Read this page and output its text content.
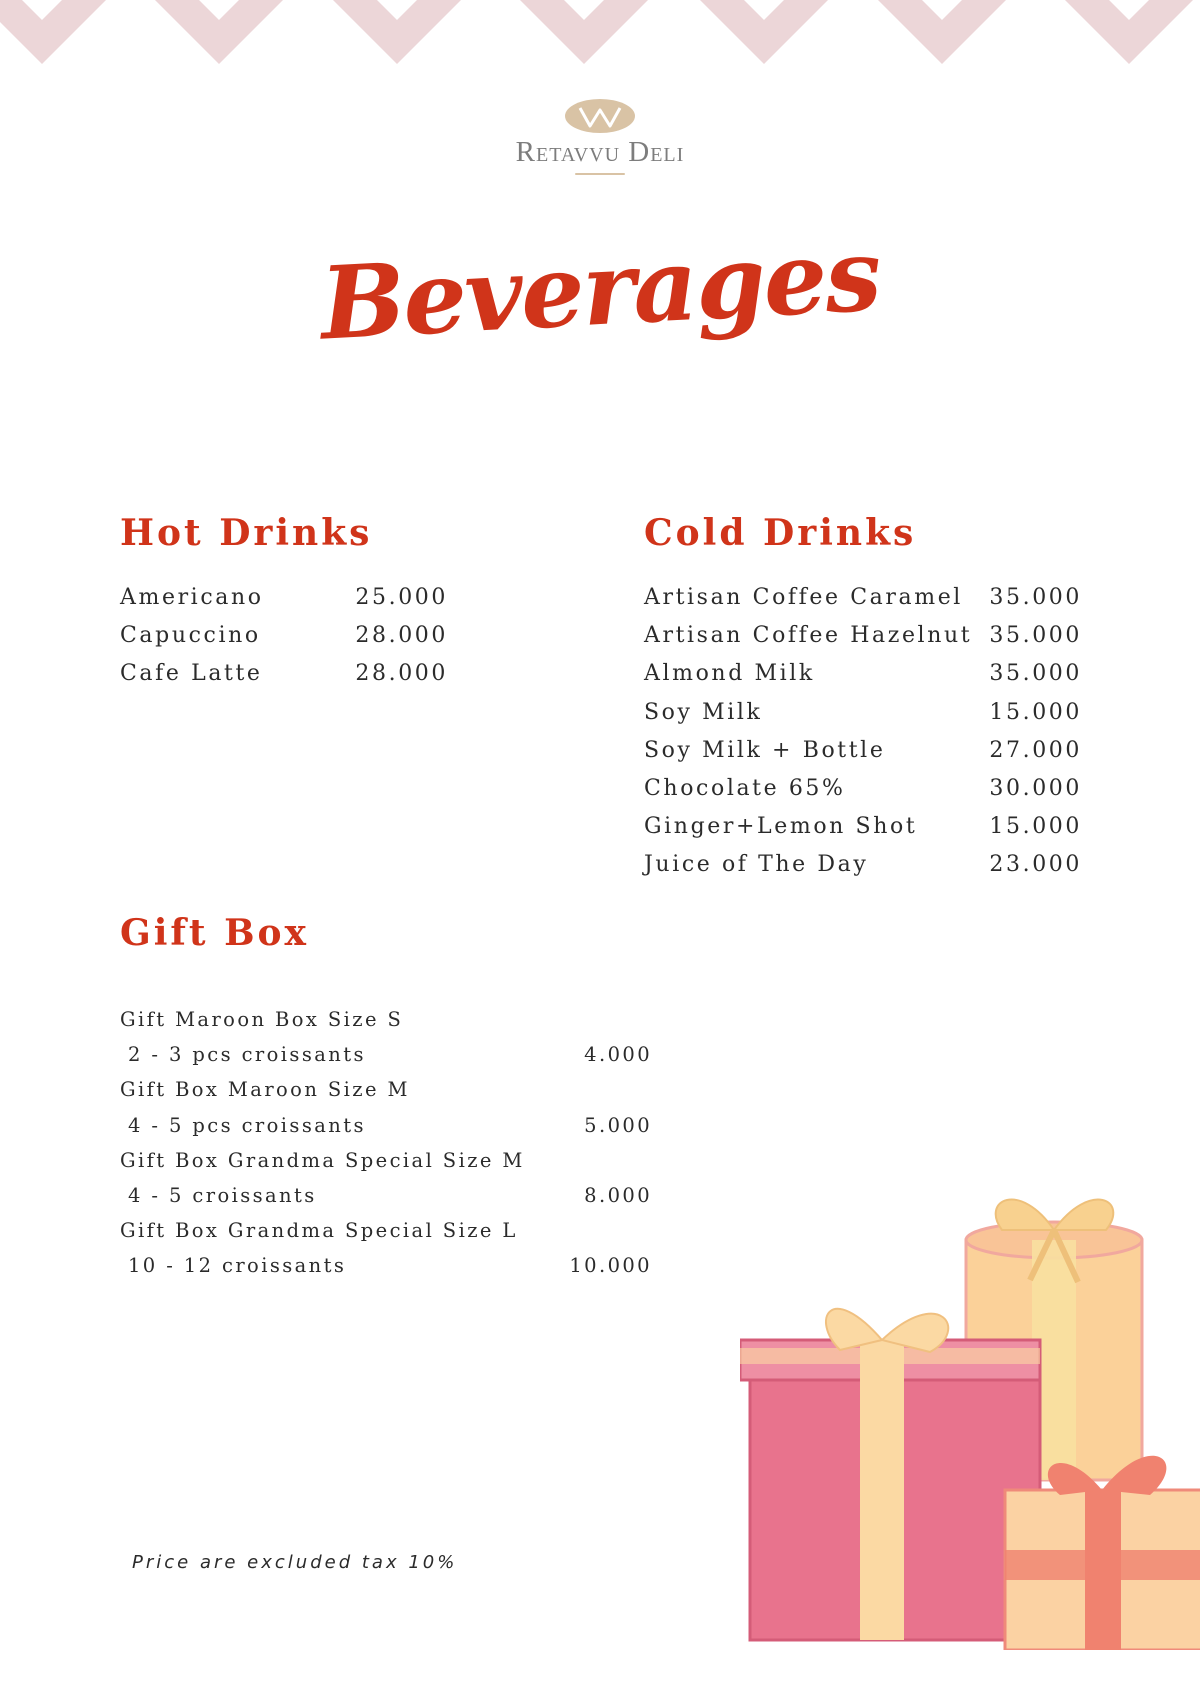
Retavvu Deli
Beverages
Hot Drinks
Americano	25.000
Capuccino	28.000
Cafe Latte	28.000
Cold Drinks
Artisan Coffee Caramel 35.000
Artisan Coffee Hazelnut 35.000
Almond Milk	35.000
Soy Milk	15.000
Soy Milk + Bottle	27.000
Chocolate 65%	30.000
Ginger+Lemon Shot	15.000
Juice of The Day	23.000
Gift Box
Gift Maroon Box Size S
2 - 3 pcs croissants	4.000
Gift Box Maroon Size M
4 - 5 pcs croissants	5.000
Gift Box Grandma Special Size M
4 - 5 croissants	8.000
Gift Box Grandma Special Size L
10 - 12 croissants	10.000
Price are excluded tax 10%
